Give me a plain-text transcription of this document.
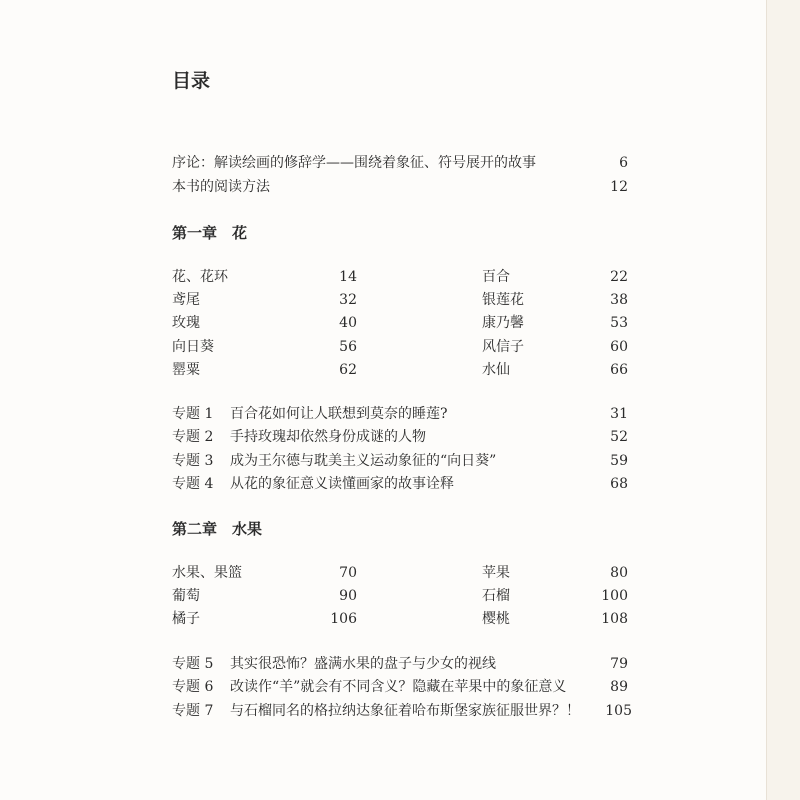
目录
序论：解读绘画的修辞学——围绕着象征、符号展开的故事	6
本书的阅读方法	12
第一章 花
花、花环	14	百合	22
鸢尾	32	银莲花	38
玫瑰	40	康乃馨	53
向日葵	56	风信子	60
罂粟	62	水仙	66
专题 1 百合花如何让人联想到莫奈的睡莲?	31
专题 2 手持玫瑰却依然身份成谜的人物	52
专题 3 成为王尔德与耽美主义运动象征的“向日葵”	59
专题 4 从花的象征意义读懂画家的故事诠释	68
第二章 水果
水果、果篮	70	苹果	80
葡萄	90	石榴	100
橘子	106	樱桃	108
专题 5 其实很恐怖？盛满水果的盘子与少女的视线	79
专题 6 改读作“羊”就会有不同含义？隐藏在苹果中的象征意义	89
专题 7 与石榴同名的格拉纳达象征着哈布斯堡家族征服世界？！	105
